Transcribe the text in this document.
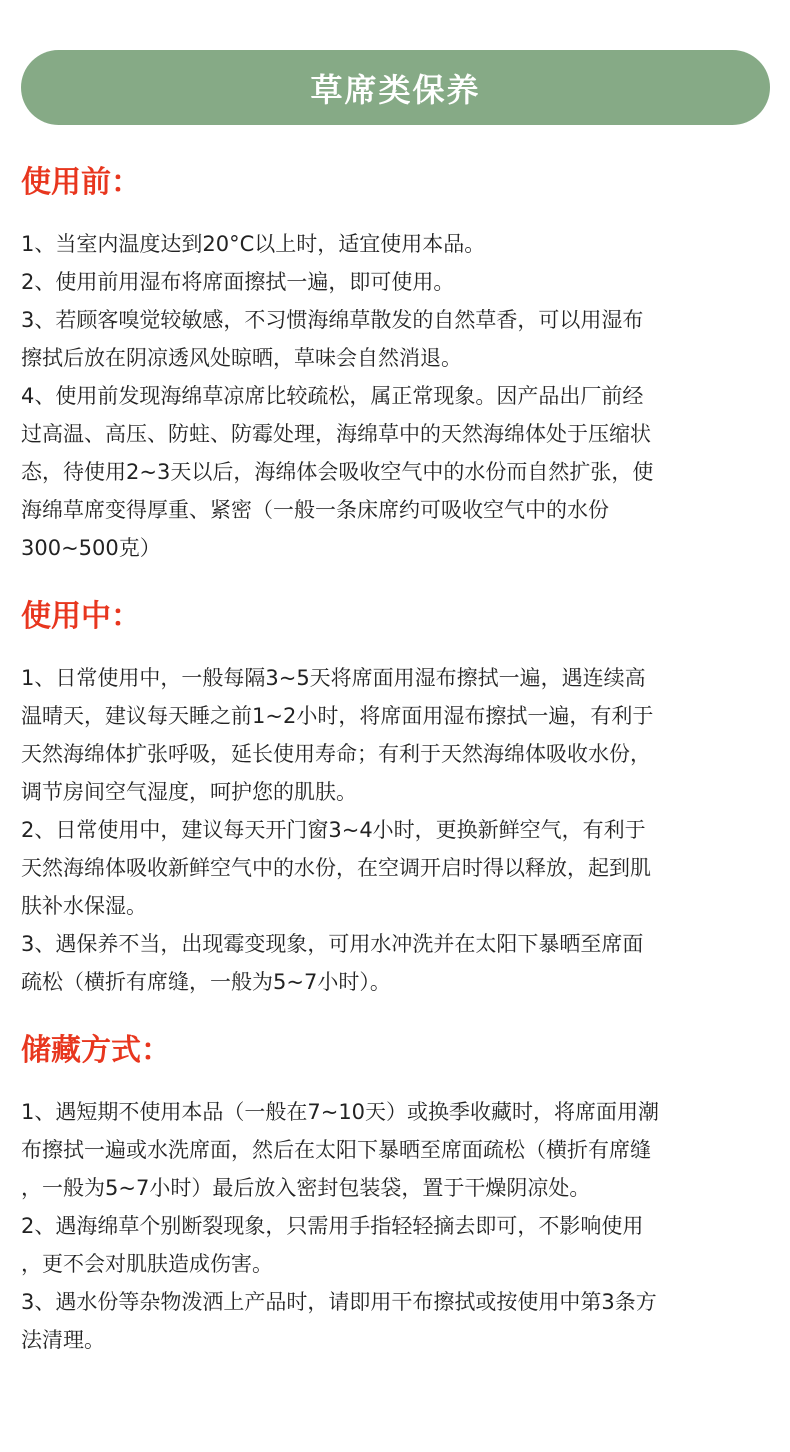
草席类保养
使用前：

1、当室内温度达到20°C以上时，适宜使用本品。

2、使用前用湿布将席面擦拭一遍，即可使用。

3、若顾客嗅觉较敏感，不习惯海绵草散发的自然草香，可以用湿布
擦拭后放在阴凉透风处晾晒，草味会自然消退。

4、使用前发现海绵草凉席比较疏松，属正常现象。因产品出厂前经
过高温、高压、防蛀、防霉处理，海绵草中的天然海绵体处于压缩状
态，待使用2~3天以后，海绵体会吸收空气中的水份而自然扩张，使
海绵草席变得厚重、紧密（一般一条床席约可吸收空气中的水份
300~500克）

使用中：

1、日常使用中，一般每隔3~5天将席面用湿布擦拭一遍，遇连续高
温晴天，建议每天睡之前1~2小时，将席面用湿布擦拭一遍，有利于
天然海绵体扩张呼吸，延长使用寿命；有利于天然海绵体吸收水份，
调节房间空气湿度，呵护您的肌肤。

2、日常使用中，建议每天开门窗3~4小时，更换新鲜空气，有利于
天然海绵体吸收新鲜空气中的水份，在空调开启时得以释放，起到肌
肤补水保湿。

3、遇保养不当，出现霉变现象，可用水冲洗并在太阳下暴晒至席面
疏松（横折有席缝，一般为5~7小时）。

储藏方式：

1、遇短期不使用本品（一般在7~10天）或换季收藏时，将席面用潮
布擦拭一遍或水洗席面，然后在太阳下暴晒至席面疏松（横折有席缝
，一般为5~7小时）最后放入密封包装袋，置于干燥阴凉处。

2、遇海绵草个别断裂现象，只需用手指轻轻摘去即可，不影响使用
，更不会对肌肤造成伤害。

3、遇水份等杂物泼洒上产品时，请即用干布擦拭或按使用中第3条方
法清理。
